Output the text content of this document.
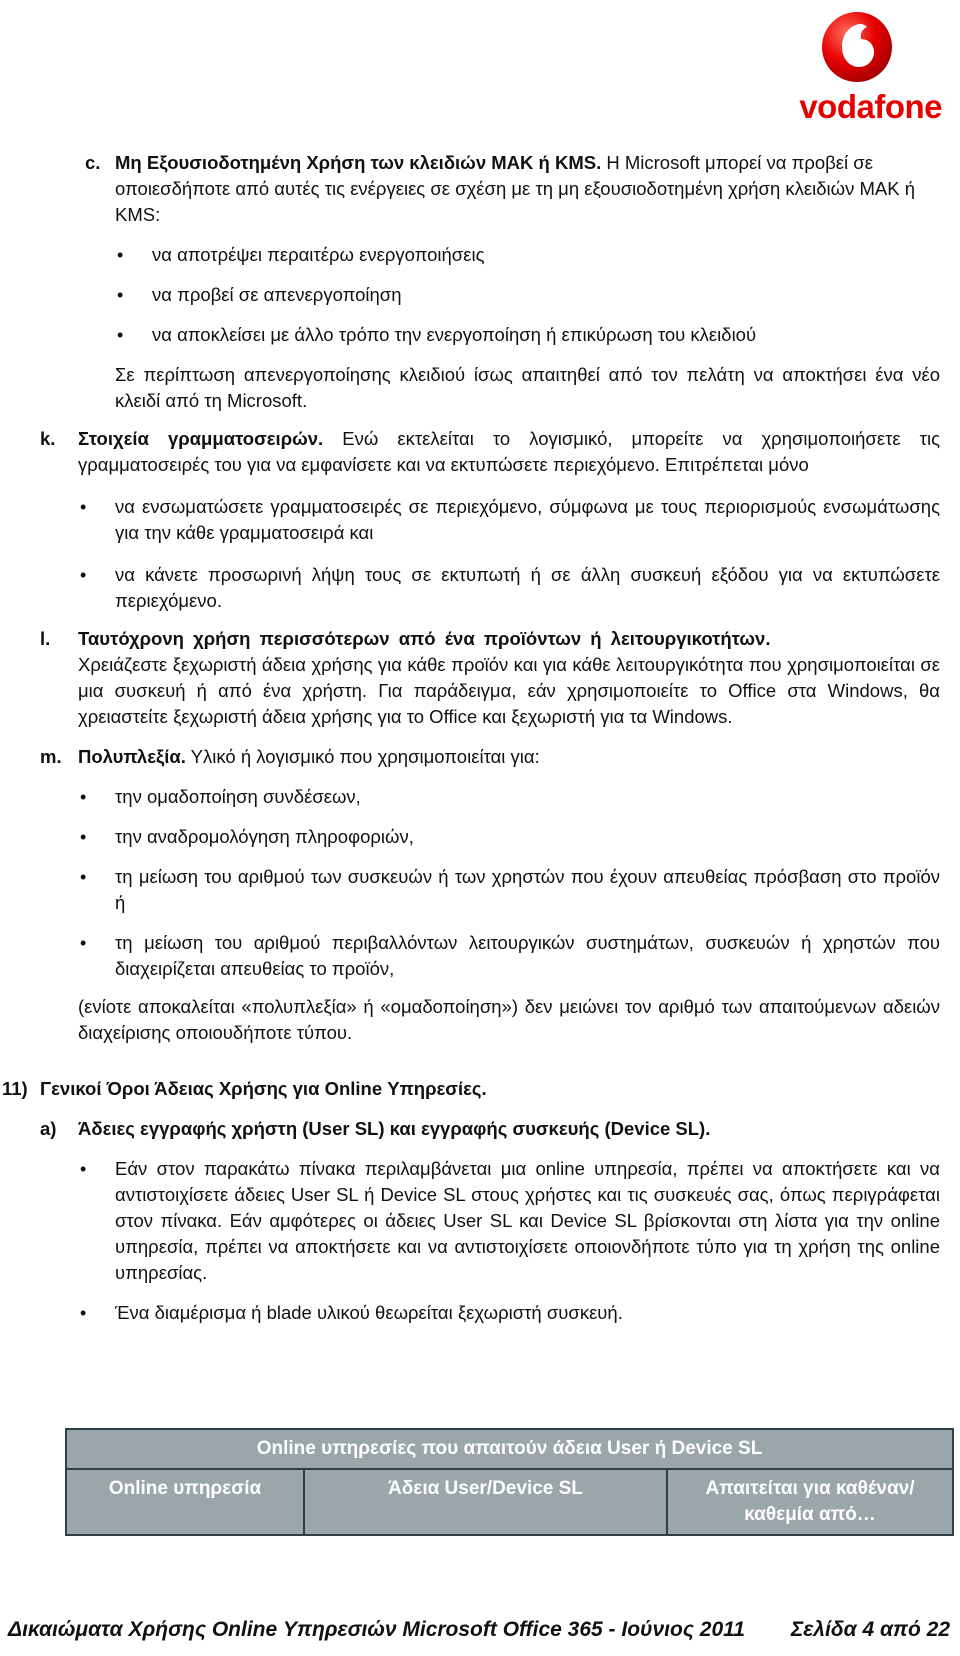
vodafone
c. Μη Εξουσιοδοτημένη Χρήση των κλειδιών MAK ή KMS. Η Microsoft μπορεί να προβεί σε οποιεσδήποτε από αυτές τις ενέργειες σε σχέση με τη μη εξουσιοδοτημένη χρήση κλειδιών MAK ή KMS:

• να αποτρέψει περαιτέρω ενεργοποιήσεις
• να προβεί σε απενεργοποίηση
• να αποκλείσει με άλλο τρόπο την ενεργοποίηση ή επικύρωση του κλειδιού

Σε περίπτωση απενεργοποίησης κλειδιού ίσως απαιτηθεί από τον πελάτη να αποκτήσει ένα νέο κλειδί από τη Microsoft.

k. Στοιχεία γραμματοσειρών. Ενώ εκτελείται το λογισμικό, μπορείτε να χρησιμοποιήσετε τις γραμματοσειρές του για να εμφανίσετε και να εκτυπώσετε περιεχόμενο. Επιτρέπεται μόνο

• να ενσωματώσετε γραμματοσειρές σε περιεχόμενο, σύμφωνα με τους περιορισμούς ενσωμάτωσης για την κάθε γραμματοσειρά και
• να κάνετε προσωρινή λήψη τους σε εκτυπωτή ή σε άλλη συσκευή εξόδου για να εκτυπώσετε περιεχόμενο.
l. Ταυτόχρονη χρήση περισσότερων από ένα προϊόντων ή λειτουργικοτήτων.

Χρειάζεστε ξεχωριστή άδεια χρήσης για κάθε προϊόν και για κάθε λειτουργικότητα που χρησιμοποιείται σε μια συσκευή ή από ένα χρήστη. Για παράδειγμα, εάν χρησιμοποιείτε το Office στα Windows, θα χρειαστείτε ξεχωριστή άδεια χρήσης για το Office και ξεχωριστή για τα Windows.

m. Πολυπλεξία. Υλικό ή λογισμικό που χρησιμοποιείται για:

• την ομαδοποίηση συνδέσεων,
• την αναδρομολόγηση πληροφοριών,
• τη μείωση του αριθμού των συσκευών ή των χρηστών που έχουν απευθείας πρόσβαση στο προϊόν ή
• τη μείωση του αριθμού περιβαλλόντων λειτουργικών συστημάτων, συσκευών ή χρηστών που διαχειρίζεται απευθείας το προϊόν,

(ενίοτε αποκαλείται «πολυπλεξία» ή «ομαδοποίηση») δεν μειώνει τον αριθμό των απαιτούμενων αδειών διαχείρισης οποιουδήποτε τύπου.

11) Γενικοί Όροι Άδειας Χρήσης για Online Υπηρεσίες.

a) Άδειες εγγραφής χρήστη (User SL) και εγγραφής συσκευής (Device SL).

• Εάν στον παρακάτω πίνακα περιλαμβάνεται μια online υπηρεσία, πρέπει να αποκτήσετε και να αντιστοιχίσετε άδειες User SL ή Device SL στους χρήστες και τις συσκευές σας, όπως περιγράφεται στον πίνακα. Εάν αμφότερες οι άδειες User SL και Device SL βρίσκονται στη λίστα για την online υπηρεσία, πρέπει να αποκτήσετε και να αντιστοιχίσετε οποιονδήποτε τύπο για τη χρήση της online υπηρεσίας.
• Ένα διαμέρισμα ή blade υλικού θεωρείται ξεχωριστή συσκευή.
Online υπηρεσίες που απαιτούν άδεια User ή Device SL
Online υπηρεσία	Άδεια User/Device SL	Απαιτείται για καθέναν/καθεμία από…
Δικαιώματα Χρήσης Online Υπηρεσιών Microsoft Office 365 - Ιούνιος 2011 Σελίδα 4 από 22
